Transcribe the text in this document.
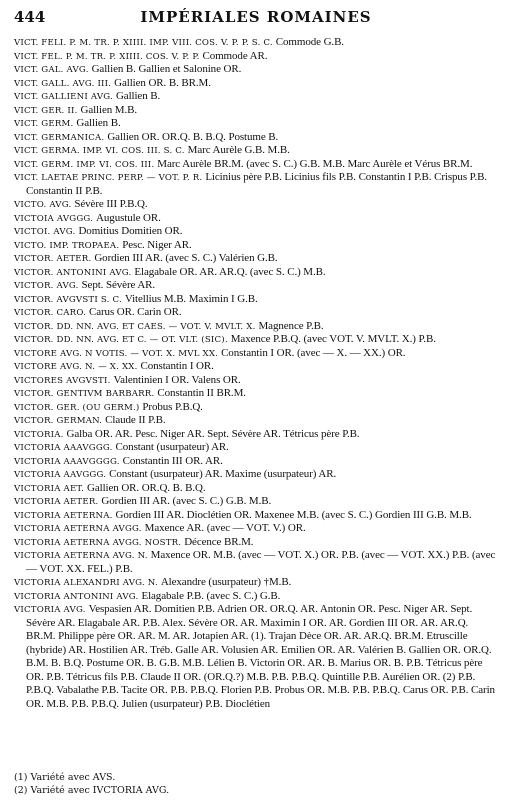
444	IMPÉRIALES ROMAINES
VICT. FELI. P. M. TR. P. XIIII. IMP. VIII. COS. V. P. P. S. C. Commode G.B.
VICT. FEL. P. M. TR. P. XIIII. COS. V. P. P. Commode AR.
VICT. GAL. AVG. Gallien B. Gallien et Salonine OR.
VICT. GALL. AVG. III. Gallien OR. B. BR.M.
VICT. GALLIENI AVG. Gallien B.
VICT. GER. II. Gallien M.B.
VICT. GERM. Gallien B.
VICT. GERMANICA. Gallien OR. OR.Q. B. B.Q. Postume B.
VICT. GERMA. IMP. VI. COS. III. S. C. Marc Aurèle G.B. M.B.
VICT. GERM. IMP. VI. COS. III. Marc Aurèle BR.M. (avec S. C.) G.B. M.B. Marc Aurèle et Vérus BR.M.
VICT. LAETAE PRINC. PERP. — VOT. P. R. Licinius père P.B. Licinius fils P.B. Constantin I P.B. Crispus P.B. Constantin II P.B.
VICTO. AVG. Sévère III P.B.Q.
VICTOIA AVGGG. Augustule OR.
VICTOI. AVG. Domitius Domitien OR.
VICTO. IMP. TROPAEA. Pesc. Niger AR.
VICTOR. AETER. Gordien III AR. (avec S. C.) Valérien G.B.
VICTOR. ANTONINI AVG. Elagabale OR. AR. AR.Q. (avec S. C.) M.B.
VICTOR. AVG. Sept. Sévère AR.
VICTOR. AVGVSTI S. C. Vitellius M.B. Maximin I G.B.
VICTOR. CARO. Carus OR. Carin OR.
VICTOR. DD. NN. AVG. ET CAES. — VOT. V. MVLT. X. Magnence P.B.
VICTOR. DD. NN. AVG. ET C. — OT. VLT. (SIC). Maxence P.B.Q. (avec VOT. V. MVLT. X.) P.B.
VICTORE AVG. N VOTIS. — VOT. X. MVL XX. Constantin I OR. (avec — X. — XX.) OR.
VICTORE AVG. N. — X. XX. Constantin I OR.
VICTORES AVGVSTI. Valentinien I OR. Valens OR.
VICTOR. GENTIVM BARBARR. Constantin II BR.M.
VICTOR. GER. (OU GERM.) Probus P.B.Q.
VICTOR. GERMAN. Claude II P.B.
VICTORIA. Galba OR. AR. Pesc. Niger AR. Sept. Sévère AR. Tétricus père P.B.
VICTORIA AAAVGGG. Constant (usurpateur) AR.
VICTORIA AAAVGGGG. Constantin III OR. AR.
VICTORIA AAVGGG. Constant (usurpateur) AR. Maxime (usurpateur) AR.
VICTORIA AET. Gallien OR. OR.Q. B. B.Q.
VICTORIA AETER. Gordien III AR. (avec S. C.) G.B. M.B.
VICTORIA AETERNA. Gordien III AR. Dioclétien OR. Maxenee M.B. (avec S. C.) Gordien III G.B. M.B.
VICTORIA AETERNA AVGG. Maxence AR. (avec — VOT. V.) OR.
VICTORIA AETERNA AVGG. NOSTR. Décence BR.M.
VICTORIA AETERNA AVG. N. Maxence OR. M.B. (avec — VOT. X.) OR. P.B. (avec — VOT. XX.) P.B. (avec — VOT. XX. FEL.) P.B.
VICTORIA ALEXANDRI AVG. N. Alexandre (usurpateur) †M.B.
VICTORIA ANTONINI AVG. Elagabale P.B. (avec S. C.) G.B.
VICTORIA AVG. Vespasien AR. Domitien P.B. Adrien OR. OR.Q. AR. Antonin OR. Pesc. Niger AR. Sept. Sévère AR. Elagabale AR. P.B. Alex. Sévère OR. AR. Maximin I OR. AR. Gordien III OR. AR. AR.Q. BR.M. Philippe père OR. AR. M. AR. Jotapien AR. (1). Trajan Dèce OR. AR. AR.Q. BR.M. Etruscille (hybride) AR. Hostilien AR. Tréb. Galle AR. Volusien AR. Emilien OR. AR. Valérien B. Gallien OR. OR.Q. B.M. B. B.Q. Postume OR. B. G.B. M.B. Lélien B. Victorin OR. AR. B. Marius OR. B. P.B. Tétricus père OR. P.B. Tétricus fils P.B. Claude II OR. (OR.Q.?) M.B. P.B. P.B.Q. Quintille P.B. Aurélien OR. (2) P.B. P.B.Q. Vabalathe P.B. Tacite OR. P.B. P.B.Q. Florien P.B. Probus OR. M.B. P.B. P.B.Q. Carus OR. P.B. Carin OR. M.B. P.B. P.B.Q. Julien (usurpateur) P.B. Dioclétien
(1) Variété avec AVS.
(2) Variété avec IVCTORIA AVG.
